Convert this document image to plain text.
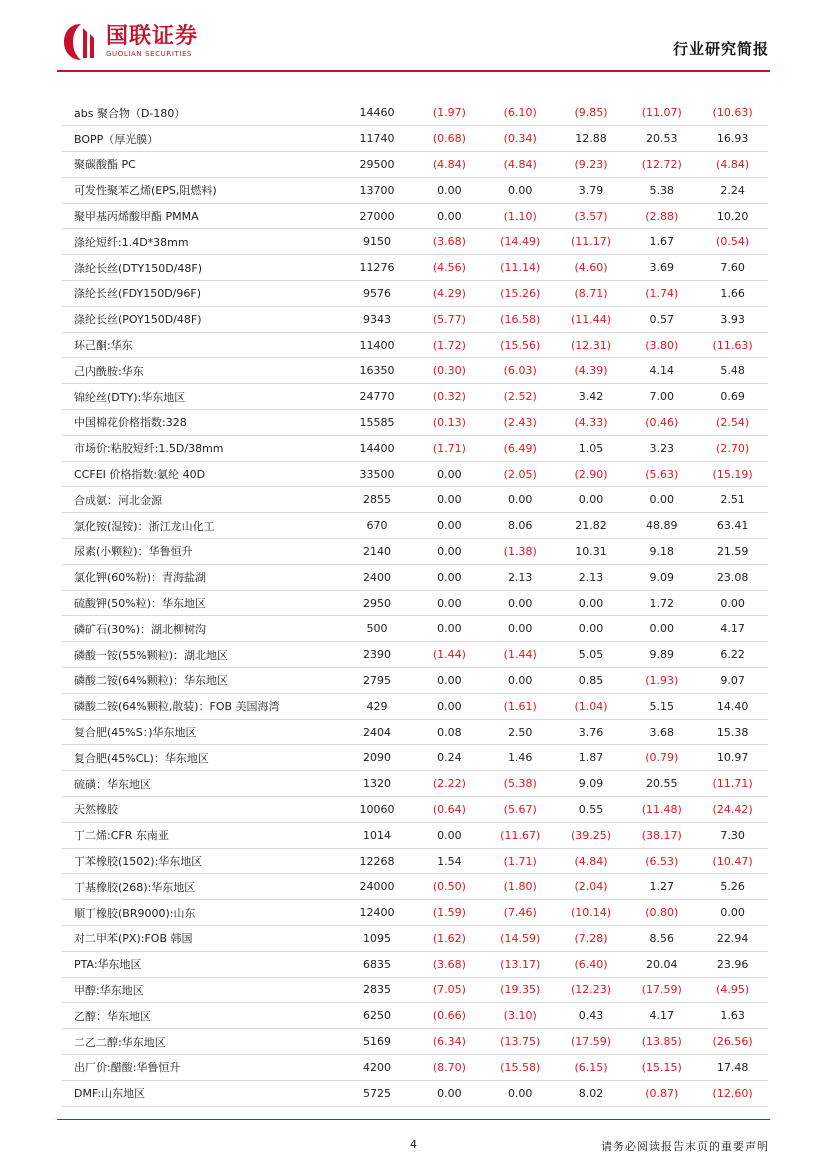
国联证券
GUOLIAN SECURITIES	行业研究简报
abs 聚合物（D-180）	14460	(1.97)	(6.10)	(9.85)	(11.07)	(10.63)
BOPP（厚光膜）	11740	(0.68)	(0.34)	12.88	20.53	16.93
聚碳酸酯 PC	29500	(4.84)	(4.84)	(9.23)	(12.72)	(4.84)
可发性聚苯乙烯(EPS,阻燃料)	13700	0.00	0.00	3.79	5.38	2.24
聚甲基丙烯酸甲酯 PMMA	27000	0.00	(1.10)	(3.57)	(2.88)	10.20
涤纶短纤:1.4D*38mm	9150	(3.68)	(14.49)	(11.17)	1.67	(0.54)
涤纶长丝(DTY150D/48F)	11276	(4.56)	(11.14)	(4.60)	3.69	7.60
涤纶长丝(FDY150D/96F)	9576	(4.29)	(15.26)	(8.71)	(1.74)	1.66
涤纶长丝(POY150D/48F)	9343	(5.77)	(16.58)	(11.44)	0.57	3.93
环己酮:华东	11400	(1.72)	(15.56)	(12.31)	(3.80)	(11.63)
己内酰胺:华东	16350	(0.30)	(6.03)	(4.39)	4.14	5.48
锦纶丝(DTY):华东地区	24770	(0.32)	(2.52)	3.42	7.00	0.69
中国棉花价格指数:328	15585	(0.13)	(2.43)	(4.33)	(0.46)	(2.54)
市场价:粘胶短纤:1.5D/38mm	14400	(1.71)	(6.49)	1.05	3.23	(2.70)
CCFEI 价格指数:氨纶 40D	33500	0.00	(2.05)	(2.90)	(5.63)	(15.19)
合成氨：河北金源	2855	0.00	0.00	0.00	0.00	2.51
氯化铵(湿铵)：浙江龙山化工	670	0.00	8.06	21.82	48.89	63.41
尿素(小颗粒)：华鲁恒升	2140	0.00	(1.38)	10.31	9.18	21.59
氯化钾(60%粉)：青海盐湖	2400	0.00	2.13	2.13	9.09	23.08
硫酸钾(50%粒)：华东地区	2950	0.00	0.00	0.00	1.72	0.00
磷矿石(30%)：湖北柳树沟	500	0.00	0.00	0.00	0.00	4.17
磷酸一铵(55%颗粒)：湖北地区	2390	(1.44)	(1.44)	5.05	9.89	6.22
磷酸二铵(64%颗粒)：华东地区	2795	0.00	0.00	0.85	(1.93)	9.07
磷酸二铵(64%颗粒,散装)：FOB 美国海湾	429	0.00	(1.61)	(1.04)	5.15	14.40
复合肥(45%S：)华东地区	2404	0.08	2.50	3.76	3.68	15.38
复合肥(45%CL)：华东地区	2090	0.24	1.46	1.87	(0.79)	10.97
硫磺：华东地区	1320	(2.22)	(5.38)	9.09	20.55	(11.71)
天然橡胶	10060	(0.64)	(5.67)	0.55	(11.48)	(24.42)
丁二烯:CFR 东南亚	1014	0.00	(11.67)	(39.25)	(38.17)	7.30
丁苯橡胶(1502):华东地区	12268	1.54	(1.71)	(4.84)	(6.53)	(10.47)
丁基橡胶(268):华东地区	24000	(0.50)	(1.80)	(2.04)	1.27	5.26
顺丁橡胶(BR9000):山东	12400	(1.59)	(7.46)	(10.14)	(0.80)	0.00
对二甲苯(PX):FOB 韩国	1095	(1.62)	(14.59)	(7.28)	8.56	22.94
PTA:华东地区	6835	(3.68)	(13.17)	(6.40)	20.04	23.96
甲醇:华东地区	2835	(7.05)	(19.35)	(12.23)	(17.59)	(4.95)
乙醇：华东地区	6250	(0.66)	(3.10)	0.43	4.17	1.63
二乙二醇:华东地区	5169	(6.34)	(13.75)	(17.59)	(13.85)	(26.56)
出厂价:醋酸:华鲁恒升	4200	(8.70)	(15.58)	(6.15)	(15.15)	17.48
DMF:山东地区	5725	0.00	0.00	8.02	(0.87)	(12.60)
4	请务必阅读报告末页的重要声明
